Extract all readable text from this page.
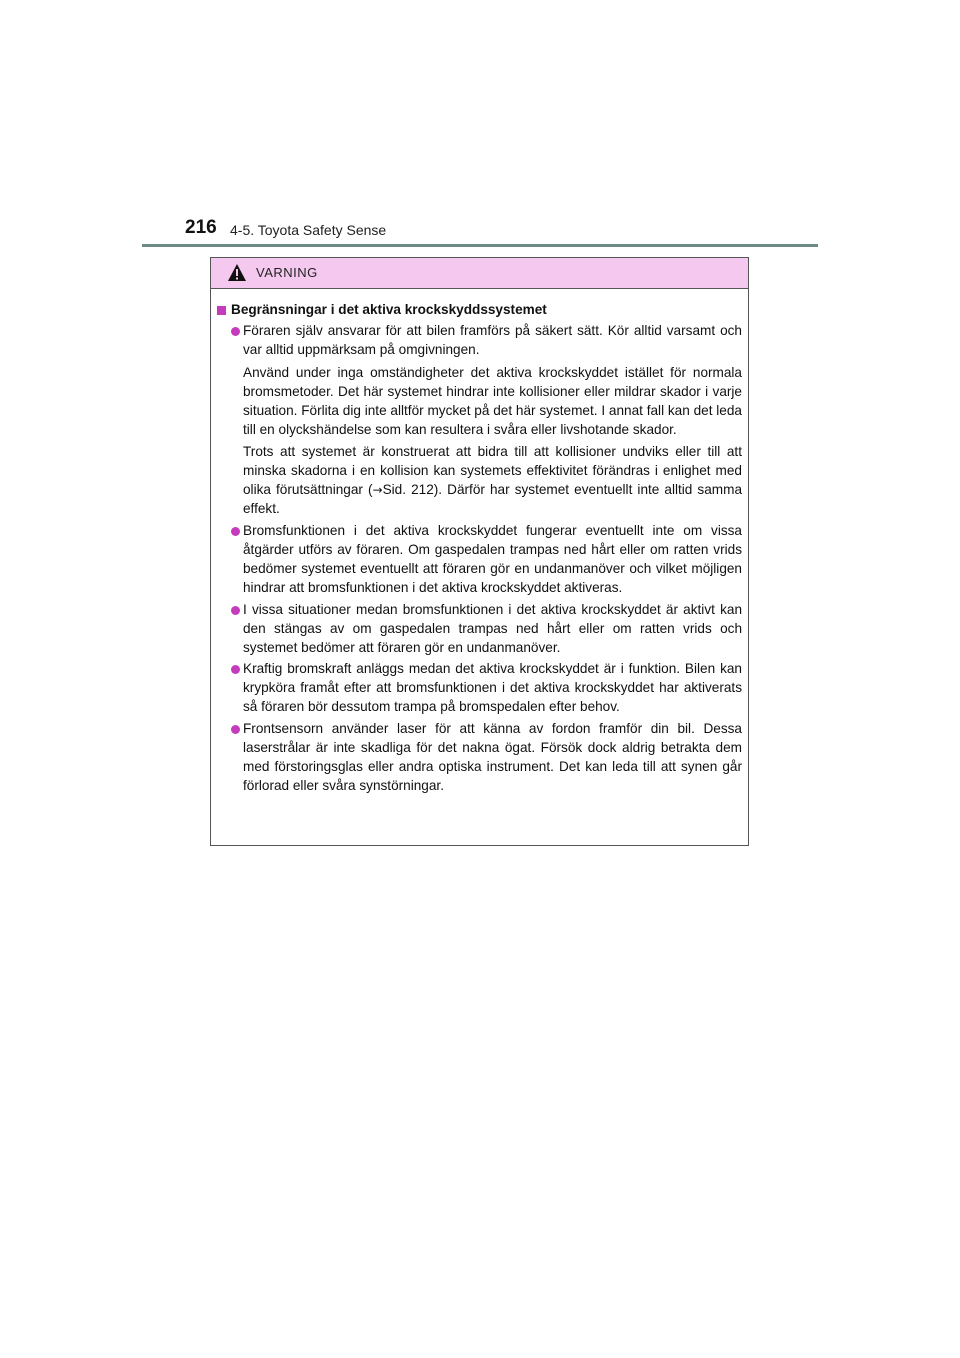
216 4-5. Toyota Safety Sense
VARNING
Begränsningar i det aktiva krockskyddssystemet

Föraren själv ansvarar för att bilen framförs på säkert sätt. Kör alltid varsamt och var alltid uppmärksam på omgivningen.

Använd under inga omständigheter det aktiva krockskyddet istället för normala bromsmetoder. Det här systemet hindrar inte kollisioner eller mildrar skador i varje situation. Förlita dig inte alltför mycket på det här systemet. I annat fall kan det leda till en olyckshändelse som kan resultera i svåra eller livshotande skador.

Trots att systemet är konstruerat att bidra till att kollisioner undviks eller till att minska skadorna i en kollision kan systemets effektivitet förändras i enlighet med olika förutsättningar (→Sid. 212). Därför har systemet eventuellt inte alltid samma effekt.

Bromsfunktionen i det aktiva krockskyddet fungerar eventuellt inte om vissa åtgärder utförs av föraren. Om gaspedalen trampas ned hårt eller om ratten vrids bedömer systemet eventuellt att föraren gör en undanmanöver och vilket möjligen hindrar att bromsfunktionen i det aktiva krockskyddet aktiveras.

I vissa situationer medan bromsfunktionen i det aktiva krockskyddet är aktivt kan den stängas av om gaspedalen trampas ned hårt eller om ratten vrids och systemet bedömer att föraren gör en undanmanöver.

Kraftig bromskraft anläggs medan det aktiva krockskyddet är i funktion. Bilen kan krypköra framåt efter att bromsfunktionen i det aktiva krockskyddet har aktiverats så föraren bör dessutom trampa på bromspedalen efter behov.

Frontsensorn använder laser för att känna av fordon framför din bil. Dessa laserstrålar är inte skadliga för det nakna ögat. Försök dock aldrig betrakta dem med förstoringsglas eller andra optiska instrument. Det kan leda till att synen går förlorad eller svåra synstörningar.
